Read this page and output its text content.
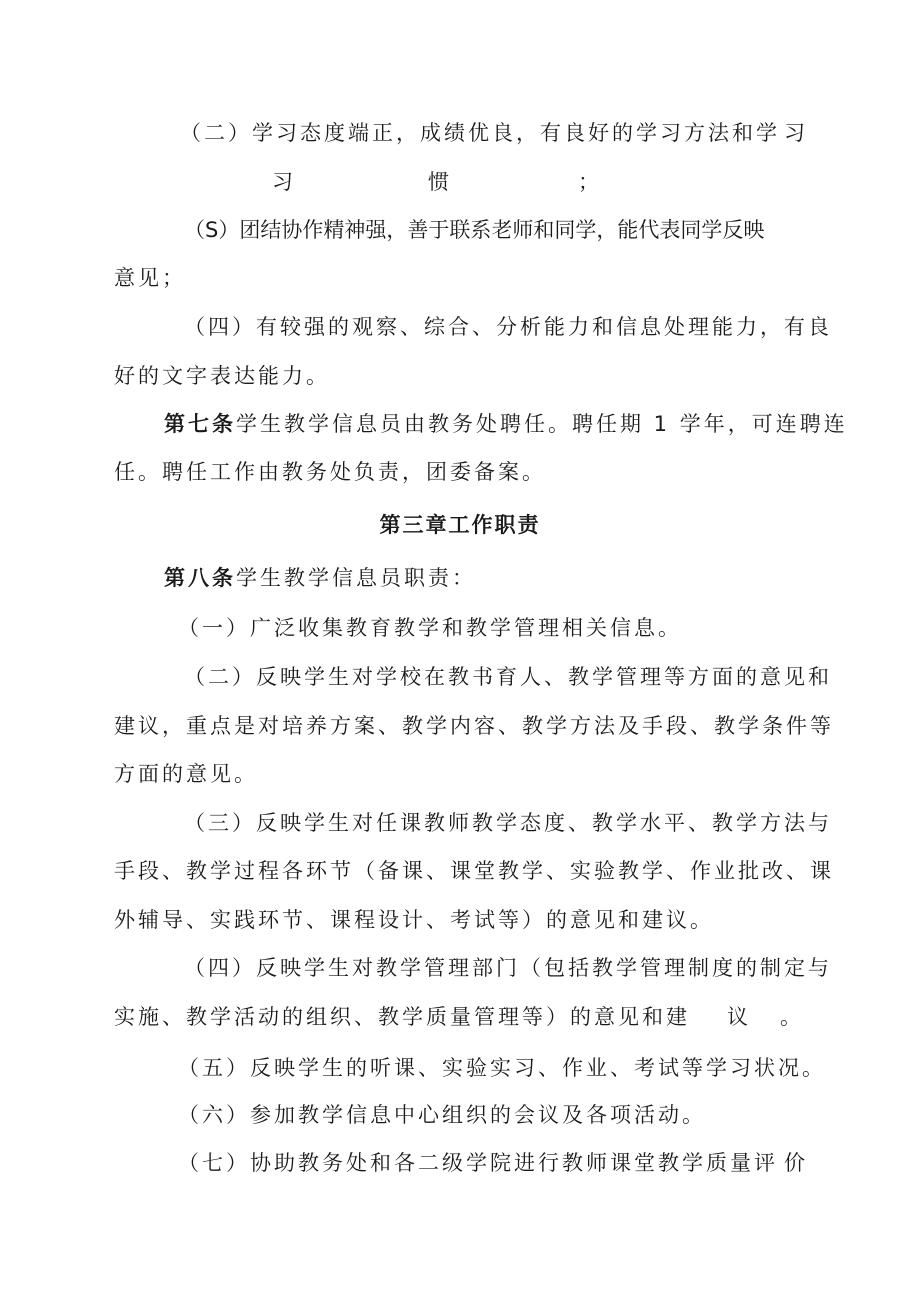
（二）学习态度端正，成绩优良，有良好的学习方法和学 习
习	惯	；
（S）团结协作精神强，善于联系老师和同学，能代表同学反映
意见；
（四）有较强的观察、综合、分析能力和信息处理能力，有良
好的文字表达能力。
第七条学生教学信息员由教务处聘任。聘任期 1 学年，可连聘连
任。聘任工作由教务处负责，团委备案。
第三章工作职责
第八条学生教学信息员职责：
（一）广泛收集教育教学和教学管理相关信息。
（二）反映学生对学校在教书育人、教学管理等方面的意见和
建议，重点是对培养方案、教学内容、教学方法及手段、教学条件等
方面的意见。
（三）反映学生对任课教师教学态度、教学水平、教学方法与
手段、教学过程各环节（备课、课堂教学、实验教学、作业批改、课
外辅导、实践环节、课程设计、考试等）的意见和建议。
（四）反映学生对教学管理部门（包括教学管理制度的制定与
实施、教学活动的组织、教学质量管理等）的意见和建 议 。
（五）反映学生的听课、实验实习、作业、考试等学习状况。
（六）参加教学信息中心组织的会议及各项活动。
（七）协助教务处和各二级学院进行教师课堂教学质量评 价
